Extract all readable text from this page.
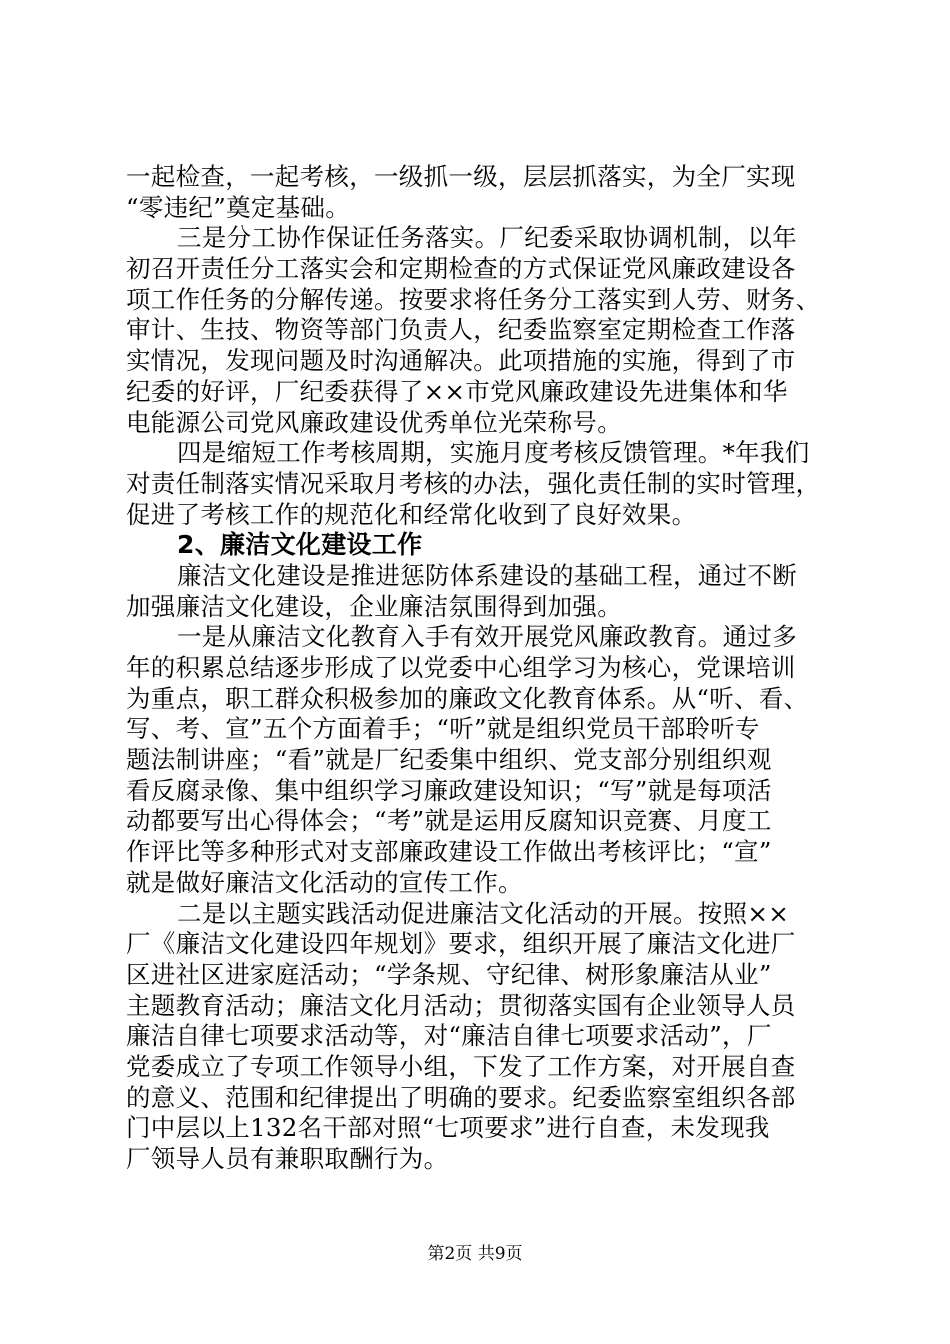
一起检查，一起考核，一级抓一级，层层抓落实，为全厂实现
“零违纪”奠定基础。
三是分工协作保证任务落实。厂纪委采取协调机制，以年
初召开责任分工落实会和定期检查的方式保证党风廉政建设各
项工作任务的分解传递。按要求将任务分工落实到人劳、财务、
审计、生技、物资等部门负责人，纪委监察室定期检查工作落
实情况，发现问题及时沟通解决。此项措施的实施，得到了市
纪委的好评，厂纪委获得了××市党风廉政建设先进集体和华
电能源公司党风廉政建设优秀单位光荣称号。
四是缩短工作考核周期，实施月度考核反馈管理。*年我们
对责任制落实情况采取月考核的办法，强化责任制的实时管理，
促进了考核工作的规范化和经常化收到了良好效果。
2、廉洁文化建设工作
廉洁文化建设是推进惩防体系建设的基础工程，通过不断
加强廉洁文化建设，企业廉洁氛围得到加强。
一是从廉洁文化教育入手有效开展党风廉政教育。通过多
年的积累总结逐步形成了以党委中心组学习为核心，党课培训
为重点，职工群众积极参加的廉政文化教育体系。从“听、看、
写、考、宣”五个方面着手；“听”就是组织党员干部聆听专
题法制讲座；“看”就是厂纪委集中组织、党支部分别组织观
看反腐录像、集中组织学习廉政建设知识；“写”就是每项活
动都要写出心得体会；“考”就是运用反腐知识竞赛、月度工
作评比等多种形式对支部廉政建设工作做出考核评比；“宣”
就是做好廉洁文化活动的宣传工作。
二是以主题实践活动促进廉洁文化活动的开展。按照××
厂《廉洁文化建设四年规划》要求，组织开展了廉洁文化进厂
区进社区进家庭活动；“学条规、守纪律、树形象廉洁从业”
主题教育活动；廉洁文化月活动；贯彻落实国有企业领导人员
廉洁自律七项要求活动等，对“廉洁自律七项要求活动”，厂
党委成立了专项工作领导小组，下发了工作方案，对开展自查
的意义、范围和纪律提出了明确的要求。纪委监察室组织各部
门中层以上132名干部对照“七项要求”进行自查，未发现我
厂领导人员有兼职取酬行为。
第2页 共9页
